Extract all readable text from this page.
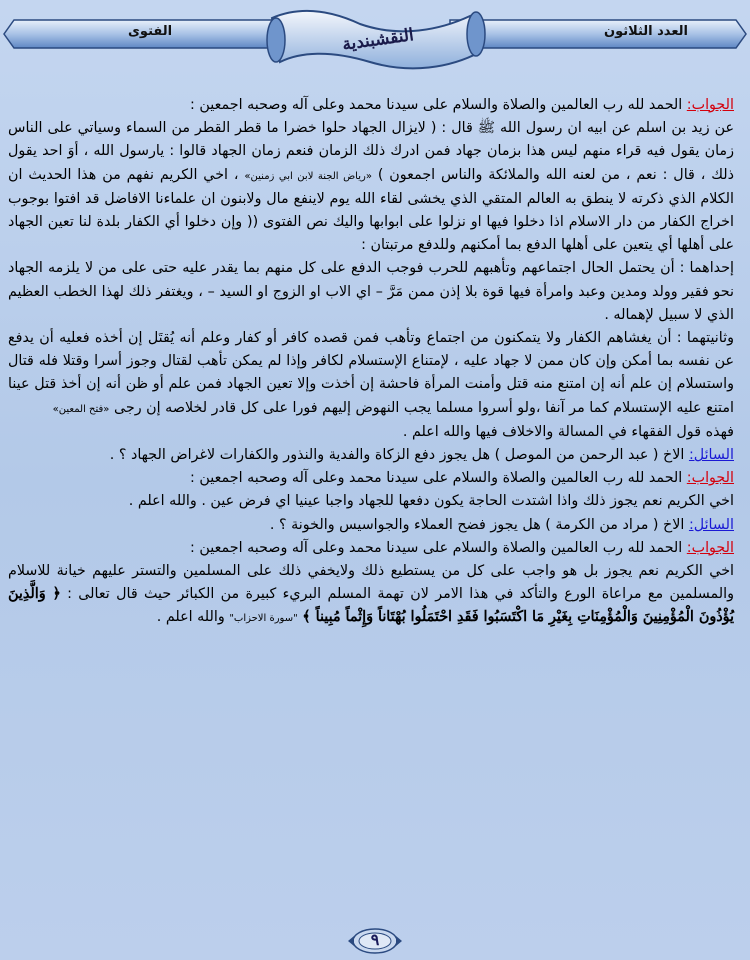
العدد الثلاثون
الفتوى	النقشبندية

الجواب: الحمد لله رب العالمين والصلاة والسلام على سيدنا محمد وعلى آله وصحبه اجمعين :

عن زيد بن اسلم عن ابيه ان رسول الله ﷺ قال : ( لايزال الجهاد حلوا خضرا ما قطر القطر من السماء وسياتي على الناس زمان يقول فيه قراء منهم ليس هذا بزمان جهاد فمن ادرك ذلك الزمان فنعم زمان الجهاد قالوا : يارسول الله ، أوَ احد يقول ذلك ، قال : نعم ، من لعنه الله والملائكة والناس اجمعون ) «رياض الجنة لابن ابي زمنين» ، اخي الكريم نفهم من هذا الحديث ان الكلام الذي ذكرته لا ينطق به العالم المتقي الذي يخشى لقاء الله يوم لاينفع مال ولابنون ان علماءنا الافاضل قد افتوا بوجوب اخراج الكفار من دار الاسلام اذا دخلوا فيها او نزلوا على ابوابها واليك نص الفتوى (( وإن دخلوا أي الكفار بلدة لنا تعين الجهاد على أهلها أي يتعين على أهلها الدفع بما أمكنهم وللدفع مرتبتان :

إحداهما : أن يحتمل الحال اجتماعهم وتأهبهم للحرب فوجب الدفع على كل منهم بما يقدر عليه حتى على من لا يلزمه الجهاد نحو فقير وولد ومدين وعبد وامرأة فيها قوة بلا إذن ممن مَرَّ – اي الاب او الزوج او السيد – ، ويغتفر ذلك لهذا الخطب العظيم الذي لا سبيل لإهماله .

وثانيتهما : أن يغشاهم الكفار ولا يتمكنون من اجتماع وتأهب فمن قصده كافر أو كفار وعلم أنه يُقتَل إن أخذه فعليه أن يدفع عن نفسه بما أمكن وإن كان ممن لا جهاد عليه ، لإمتناع الإستسلام لكافر وإذا لم يمكن تأهب لقتال وجوز أسرا وقتلا فله قتال واستسلام إن علم أنه إن امتنع منه قتل وأمنت المرأة فاحشة إن أخذت وإلا تعين الجهاد فمن علم أو ظن أنه إن أخذ قتل عينا امتنع عليه الإستسلام كما مر آنفا ،ولو أسروا مسلما يجب النهوض إليهم فورا على كل قادر لخلاصه إن رجى «فتح المعين»

فهذه قول الفقهاء في المسالة والاخلاف فيها والله اعلم .

السائل: الاخ ( عبد الرحمن من الموصل ) هل يجوز دفع الزكاة والفدية والنذور والكفارات لاغراض الجهاد ؟ .

الجواب: الحمد لله رب العالمين والصلاة والسلام على سيدنا محمد وعلى آله وصحبه اجمعين :

اخي الكريم نعم يجوز ذلك واذا اشتدت الحاجة يكون دفعها للجهاد واجبا عينيا اي فرض عين . والله اعلم .

السائل: الاخ ( مراد من الكرمة ) هل يجوز فضح العملاء والجواسيس والخونة ؟ .

الجواب: الحمد لله رب العالمين والصلاة والسلام على سيدنا محمد وعلى آله وصحبه اجمعين :

اخي الكريم نعم يجوز بل هو واجب على كل من يستطيع ذلك ولايخفي ذلك على المسلمين والتستر عليهم خيانة للاسلام والمسلمين مع مراعاة الورع والتأكد في هذا الامر لان تهمة المسلم البريء كبيرة من الكبائر حيث قال تعالى : ﴿ وَالَّذِينَ يُؤْذُونَ الْمُؤْمِنِينَ وَالْمُؤْمِنَاتِ بِغَيْرِ مَا اكْتَسَبُوا فَقَدِ احْتَمَلُوا بُهْتَاناً وَإِثْماً مُبِيناً ﴾ "سورة الاحزاب" والله اعلم .

٩
